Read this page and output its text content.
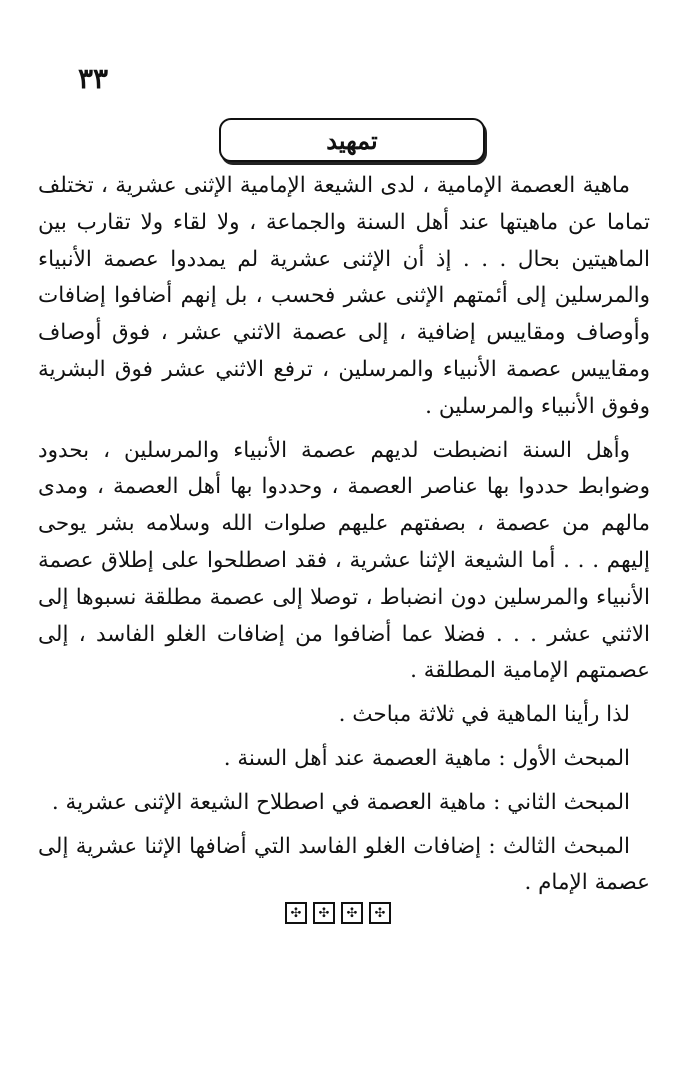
٣٣
تمهيد

ماهية العصمة الإمامية ، لدى الشيعة الإمامية الإثنى عشرية ، تختلف تماما عن ماهيتها عند أهل السنة والجماعة ، ولا لقاء ولا تقارب بين الماهيتين بحال . . . إذ أن الإثنى عشرية لم يمددوا عصمة الأنبياء والمرسلين إلى أئمتهم الإثنى عشر فحسب ، بل إنهم أضافوا إضافات وأوصاف ومقاييس إضافية ، إلى عصمة الاثني عشر ، فوق أوصاف ومقاييس عصمة الأنبياء والمرسلين ، ترفع الاثني عشر فوق البشرية وفوق الأنبياء والمرسلين .

وأهل السنة انضبطت لديهم عصمة الأنبياء والمرسلين ، بحدود وضوابط حددوا بها عناصر العصمة ، وحددوا بها أهل العصمة ، ومدى مالهم من عصمة ، بصفتهم عليهم صلوات الله وسلامه بشر يوحى إليهم . . . أما الشيعة الإثنا عشرية ، فقد اصطلحوا على إطلاق عصمة الأنبياء والمرسلين دون انضباط ، توصلا إلى عصمة مطلقة نسبوها إلى الاثني عشر . . . فضلا عما أضافوا من إضافات الغلو الفاسد ، إلى عصمتهم الإمامية المطلقة .

لذا رأينا الماهية في ثلاثة مباحث .

المبحث الأول : ماهية العصمة عند أهل السنة .

المبحث الثاني : ماهية العصمة في اصطلاح الشيعة الإثنى عشرية .

المبحث الثالث : إضافات الغلو الفاسد التي أضافها الإثنا عشرية إلى عصمة الإمام .

✣	✣	✣	✣
